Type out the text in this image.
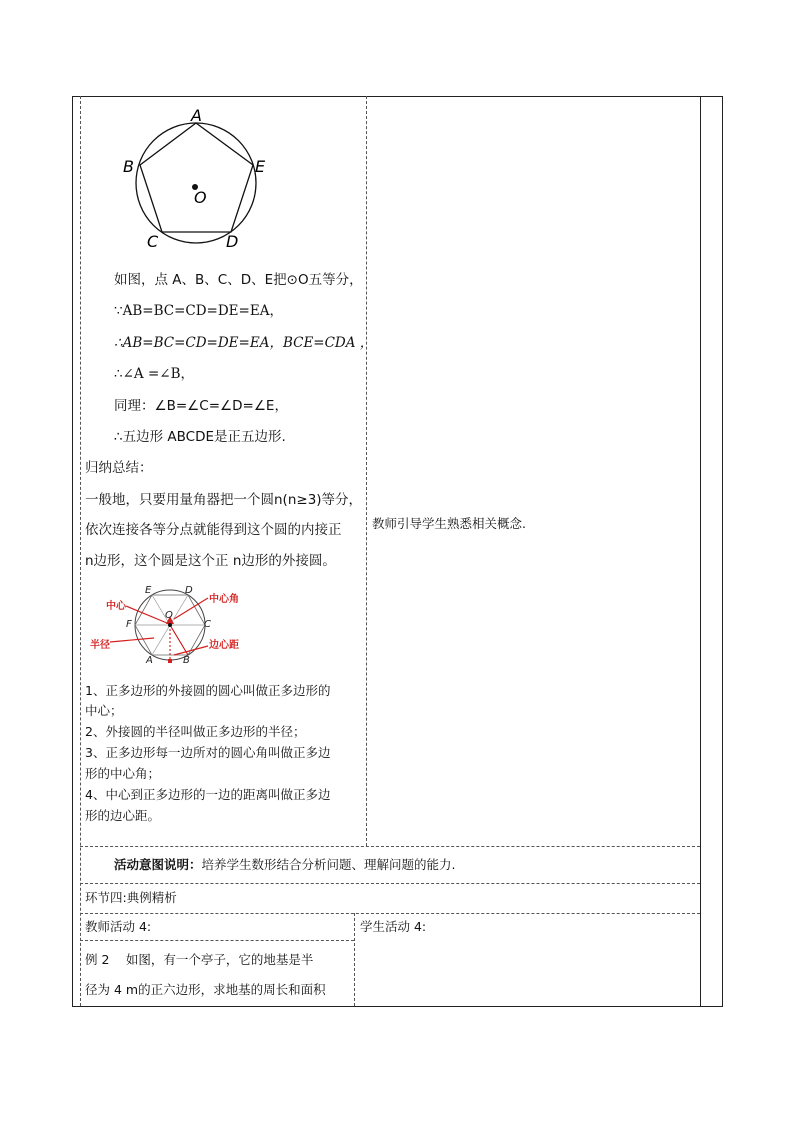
A
B	E
C	D
O
如图，点 A、B、C、D、E把⊙O五等分，
∵AB=BC=CD=DE=EA，
∴AB=BC=CD=DE=EA，BCE=CDA ，
∴∠A =∠B，
同理：∠B=∠C=∠D=∠E，
∴五边形 ABCDE是正五边形.
归纳总结：
一般地，只要用量角器把一个圆n(n≥3)等分，
依次连接各等分点就能得到这个圆的内接正
n边形，这个圆是这个正 n边形的外接圆。
中心
中心角
半径	边心距
E	D
O
F	C
A	B
1、正多边形的外接圆的圆心叫做正多边形的
中心；
2、外接圆的半径叫做正多边形的半径；
3、正多边形每一边所对的圆心角叫做正多边
形的中心角；
4、中心到正多边形的一边的距离叫做正多边
形的边心距。
教师引导学生熟悉相关概念.
活动意图说明：培养学生数形结合分析问题、理解问题的能力.
环节四:典例精析
教师活动 4:	学生活动 4:
例 2　 如图，有一个亭子，它的地基是半
径为 4 m的正六边形，求地基的周长和面积
